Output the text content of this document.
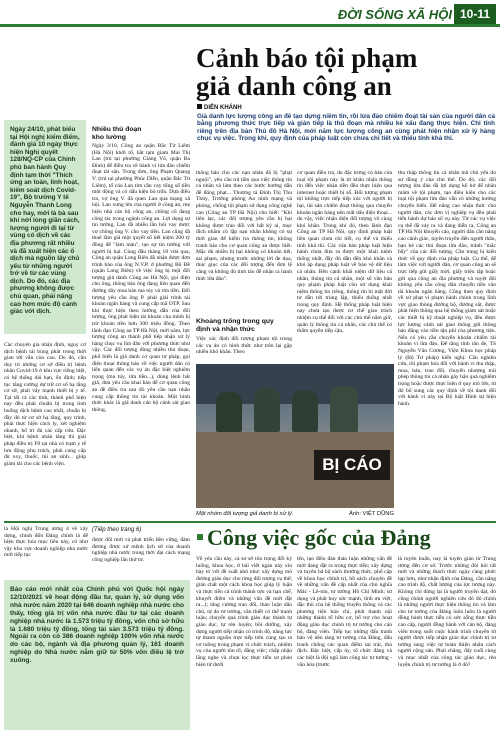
ĐỜI SỐNG XÃ HỘI 10-11
Ngày 24/10, phát biểu tại Hội nghị kiểm điểm, đánh giá 10 ngày thực hiện Nghị quyết 128/NQ-CP của Chính phủ ban hành Quy định tạm thời "Thích ứng an toàn, linh hoạt, kiểm soát dịch Covid-19", Bộ trưởng Y tế Nguyễn Thanh Long cho hay, mới là bà sau khi nới lỏng giãn cách, lượng người đi lại từ vùng có dịch về các địa phương rất nhiều và đã xuất hiện các ổ dịch mà nguồn lây chủ yếu từ những người trở về từ các vùng dịch. Do đó, các địa phương không được chủ quan, phải nâng cao hơn mức độ cảnh giác với dịch.
Các chuyên gia nhận định, nguy cơ dịch bệnh tái bùng phát trong thời gian tới vẫn còn cao. Do đó, cần duy trì những cơ sở điều trị bệnh nhân Covid-19 ở khu vực riêng biệt, có hệ thống dài hạn, ổn định; tiếp tục tăng cường dự trữ cơ số hạ tầng cơ sở, phải vây mạnh thiết bị y tế. Tại tất cả các tỉnh, thành phố hiện nay đều phải chuẩn bị trong tình huống dịch bệnh cao nhất, chuẩn bị đầy đủ từ cơ sở hạ tầng, quy trình, phải thực hiện cách ly, xét nghiệm nhanh, bố trí đủ các cấp cứu. Đặc biệt, khi bệnh nhân tăng thì giải pháp điều trị F0 tại nhà có trạm y tế lưu động phụ trách, phải cung cấp đủ oxy, thuốc, túi an sinh... giúp giảm tải cho các bệnh viện.
Cảnh báo tội phạm
giả danh công an
DIỄN KHÁNH
Giả danh lực lượng công an để tạo dựng niềm tin, rồi lừa đảo chiếm đoạt tài sản của người dân cả bằng phương thức trực tiếp và gián tiếp là thủ đoạn mà nhiều kẻ xấu đang thực hiện. Chỉ tính riêng trên địa bàn Thủ đô Hà Nội, mới năm lực lượng công an cùng phát hiện nhận xử lý hàng chục vụ việc. Trong khi, quy định của pháp luật còn chưa chi tiết và thiếu tính khả thi.
Nhiều thủ đoạn
kho lường
Ngày 3/10, Công an quận Bắc Từ Liêm (Hà Nội) khởi tố, bắt tạm giam Mai Thị Lan (trú tại phường Giảng Võ, quận Ba Đình) để điều tra về hành vi lừa đảo chiếm đoạt tài sản. Trong đơn, ông Phạm Quang V. (trú tại phường Phúc Diễn, quận Bắc Từ Liêm), tố cáo Lan tìm cần vay tổng số tiền một động và có dấu hiệu bỏ trốn. Dựa điều tra, vợ ông V. đã quen Lan qua mạng xã hội. Lan xưng tên của người ở công an, mẹ hiệu nhà cán bộ công an, chồng cũ đang công tác trong ngành công an. Lợi dụng sự tin tưởng, Lan đã nhiều lần hỏi vay dược vợ chồng ông V. cho vay tiền. Lan cũng đã thuê lầm giả một quyết số tiết kiệm 200 tỷ đồng để "làm màu", tạo sự tin tưởng với người bị hại. Cùng đầu tháng 10 vừa qua, Công an quận Long Biên đã nhận được đơn trình báo của ông N.V.P. ở phường Bồ Đề (quận Long Biên) về việc ông bị một đối tượng giả danh Công an Hà Nội, gọi điện cho ông, thông báo ông đang liên quan đến đường dây mua bán ma túy và rửa tiền. Đối tượng yêu cầu ông P. phải giải trình tài khoản ngân hàng và cung cấp mã OTP. Sau khi thực hiện theo hướng dẫn của đối tượng, ông phát hiện tài khoản của mình bị trừ khoản tiền hơn 300 triệu đồng. Theo lãnh đạo Công an TP Hà Nội, mới năm, lực lượng công an thành phố tiếp nhận xử lý hàng chục vụ lừa đảo với phương thức như vậy. Các đối tượng dùng nhiều thủ đoạn, phổ biến là giả danh cơ quan tư pháp, gọi điện thoại thông báo về việc người dân có liên quan đến các vụ án đặc biệt nghiêm trọng (ma túy, rửa tiền...), dùng lệnh bắt giả, đưa yêu cầu khai báo để cơ quan công an đề điều tra sau đó yêu cầu nạn nhân cung cấp thông tin tài khoản. Một hình thức khác là giả danh cán bộ cảnh sát giao thông,
thông báo cho các nạn nhân đã bị "phạt nguội", yêu cầu trả tiền qua việc thông tin cá nhân và làm theo các bước hướng dẫn để đóng phạt... Thượng tá Đinh Thị Thu Thủy, Trưởng phòng An ninh mạng và phòng, chống tội phạm sử dụng công nghệ cao (Công an TP Hà Nội) cho biết: "Khi liên lạc, các đối tượng yêu cầu bị hại không được trao đổi với bất kỳ ai, mục đích nhằm cô lập nạn nhân không có sự thời gian để kiểm tra thông tin, không tranh báo cho cơ quan công an được biết. Mặc dù nhiều bị hại không có khoản tiết, sai phạm, nhưng trước những lời đe dọa, thúc giục của các đối tượng đến đơn lệ căng và không đủ tỉnh táo để nhận ra hành thức lừa đảo".
Khoảng trống trong quy
định và nhận thức
Việc xác định đối tượng phạm tội trong các vụ án có hình thức như trên lại gặp nhiều khó khăn. Theo
cơ quan điều tra, do đặc trưng có bản của loại tội phạm này là từ khâu nhận thông tin đến việc nhận tiền đều thực hiện qua internet hoặc thiết bị số. Đối tượng phạm tội không trực tiếp tiếp xúc với người bị hại, tài sản chiếm đoạt thông qua chuyển khoản ngân hàng nên mất dấu điện thoại... do vậy, việc nhận diện đối tượng vô cùng khó khăn. Trong khi đó, theo lãnh đạo Công an TP Hà Nội, quy định pháp luật liên quan chưa chi tiết, cụ thể và thiếu tính khả thi. Các văn bản pháp luật hiện hành chưa đưa ra được một khái niệm thống nhất, đầy đủ dẫn đến khó khăn và khó áp dụng pháp luật về bảo vệ dữ liệu cá nhân. Bên cạnh khái niệm dữ liệu cá nhân, thông tin cá nhân, một số văn bản quy phạm pháp luật còn sử dụng khái niệm thông tin riêng, thông tin bí mật đời tư dẫn tới trùng lặp, thiếu thống nhất trong quy định. Hệ thống pháp luật hiện nay chưa tạo được cơ chế giao trách nhiệm cụ thể đối với các chủ thể nắm giữ, quản lý thông tin cá nhân, các chủ thể có thẩm quyền tiếp cận,
thu thập thông tin cá nhân mà chủ yếu do sự đồng ý của chủ thể. Do đó, các đối tượng lừa đảo đã lợi dụng kẽ hở để nhân mâm về tội phạm, tạo điều kiện cho các loại tội phạm lừa đảo vẫn có những hướng chuyển biến. Để nâng cao nhận thức cho người dân, các đơn vị nghiệp vụ đều phải tiến hành dự báo số vụ này. Từ các vụ việc cụ thể đã xảy ra và đang diễn ra, Công an TP Hà Nội khuyến cáo, người dân cần nâng cao cảnh giác, tuyên truyền đến người thân, bạn bè các thủ đoạn lừa đảo, tránh "mắc bẫy" của các đối tượng. Cần trang bị kiến thức về quy định của pháp luật. Cụ thể, để làm việc với người dân, cơ quan công an sẽ trực tiếp gửi giấy mời, giấy triệu tập hoặc gửi qua công an địa phương và tuyệt đối không yêu cầu công dân chuyển tiền vào tài khoản ngân hàng. Cũng theo quy định về xử phạt vi phạm hành chính trong lĩnh vực giao thông đường bộ, đường sắt, được phát hiện thông qua hệ thống giám sát hoặc các thiết bị kỹ thuật nghiệp vụ, đều được lực lượng cảnh sát giao thông gửi thông báo đăng vào tiền tận phí của phương tiện. Nếu có yêu cầu chuyển khoản chiếm tài khoản vi lừa đảo. Để tăng tính răn đe, TS Nguyễn Văn Cương, Viện Khoa học pháp lý (Bộ Tư pháp) kiến nghị: Cần nghiên cứu, tôi phạm hóa đối với hành vi thu thập, mua, bán, trao đổi, chuyển nhượng trái phép thông tin cá nhân gây hậu quả nghiêm trọng hoặc được thực hiện ở quy mô lớn, từ đó bổ sung các quy định về tội danh đối với hành vi này tại Bộ luật Hình sự hiện hành.
BỊ CÁO
Một nhóm đối tượng giả danh bị xử lý.	Ảnh: VIỆT DŨNG
(Tiếp theo trang 6)	Công việc gốc của Đảng
là Hội nghị Trung ương 4 về xây dựng, chỉnh đốn Đảng chính là để hiện thực hóa mục tiêu này, có như vậy khu vực doanh nghiệp nhà nước mới tiếp tục
được đổi mới và phát triển bền vững, đảm đương được sứ mệnh lịch sử của doanh nghiệp nhà nước trong thời đại cách mạng công nghiệp lần thứ tư.	Về yêu cầu này, cả sơ sở tôn trọng đối kỳ luống, khoa học, ở bài viết ngàn này xin bày tỏ với đề xuất nhỏ như: xây dựng mô đường giáo dục cho từng đối tượng cụ thể; giản chất một cách khoa học giúp lý luận và thực tiễn cả trình thành tựu và hạn chế, khuyết điểm và những vấn đề mới đặt ra...); tăng cường trao đổi, thảo luận dân chủ, tự do tư tưởng, cân thiết có thể tranh luận; chuyển quá trình giáo dục thành tự giáo dục, tự rèn luyện; bồi dưỡng, xây dựng người tiếp nhận có trình độ, năng lực tự thanh nguồn trực tiếp trên cùng tạo ra cơ tuồng trong phạm vi chức trách, nhiệm vụ của người tôn tổ; đẳng việc; chấp nhận lắng nghe và chọn lọc thực tiễn sư phản biện từ dưới
lên, tạo điều đàn thảo luận những vấn đề mới đang đặt ra trong thực tiễn; xây dựng và tuyên bá bộ sách thường thức, phổ cập về khoa học chính trị, bồ sách chuyên đề về những vấn đề cấp nhất của chủ nghĩa Mác - Lê-nin, tư tưởng Hồ Chí Minh; sử dụng và phát huy sức mạnh, tính ưu việt, đặc thù của hệ thống truyền thông và các phương tiện báo chí, phát thanh nội những thành tố hữu cơ, bổ trợ cho hoạt động giáo dục chính trị tư tưởng cho cán bộ, đảng viên. Tiếp tục những đấu tranh bảo vệ nền tảng tư tưởng của Đảng, đấu tranh chống các quan điểm sai trái, thù địch. Đặc biệt, cấp ủy, tổ chức đảng và các biệt là đội ngũ làm công tác tư tưởng - văn hóa (trước
là tuyên huấn, nay là tuyên giáo từ Trung ương đến cơ sở. Trước những đòi hỏi rất mới và những thách thức ngày càng phức tạp hơn, như nhận định của Đảng, cần nâng cao trình độ, chất lượng của lực lượng này. Không chỉ dừng lại là người truyền đạt, đó cũng chính người nghiên cứu đó đó chính là những người thực hiện thông tin và làm cho tư tưởng của Đảng luôn luôn là người đồng hành thực tiễn có sức sống thực tiễn cao cấp, người đồng hành với cán bộ, đảng viên trong suốt cuộc hành trình chuyển từ người được tiếp nhận giáo dục chính trị tư tưởng sang việc tự hoàn thiện nhân cách người cộng sản. Phải chăng, đây cuối cùng và mục nhất của công tác giáo dục, rèn luyện chính trị tư tưởng là ở đó?
Báo cáo mới nhất của Chính phủ với Quốc hội ngày 12/10/2021 về hoạt động đầu tư, quản lý, sử dụng vốn nhà nước năm 2020 tại 646 doanh nghiệp nhà nước cho thấy, tổng giá trị vốn nhà nước đầu tư tại các doanh nghiệp nhà nước là 1.573 triệu tỷ đồng, vốn chủ sở hữu là 1.680 triệu tỷ đồng, tổng tài sản 3.573 triệu tỷ đồng. Ngoài ra còn có 386 doanh nghiệp 100% vốn nhà nước do các bộ, ngành và địa phương quản lý, 161 doanh nghiệp do Nhà nước nắm giữ từ 50% vốn điều lệ trở xuống.
